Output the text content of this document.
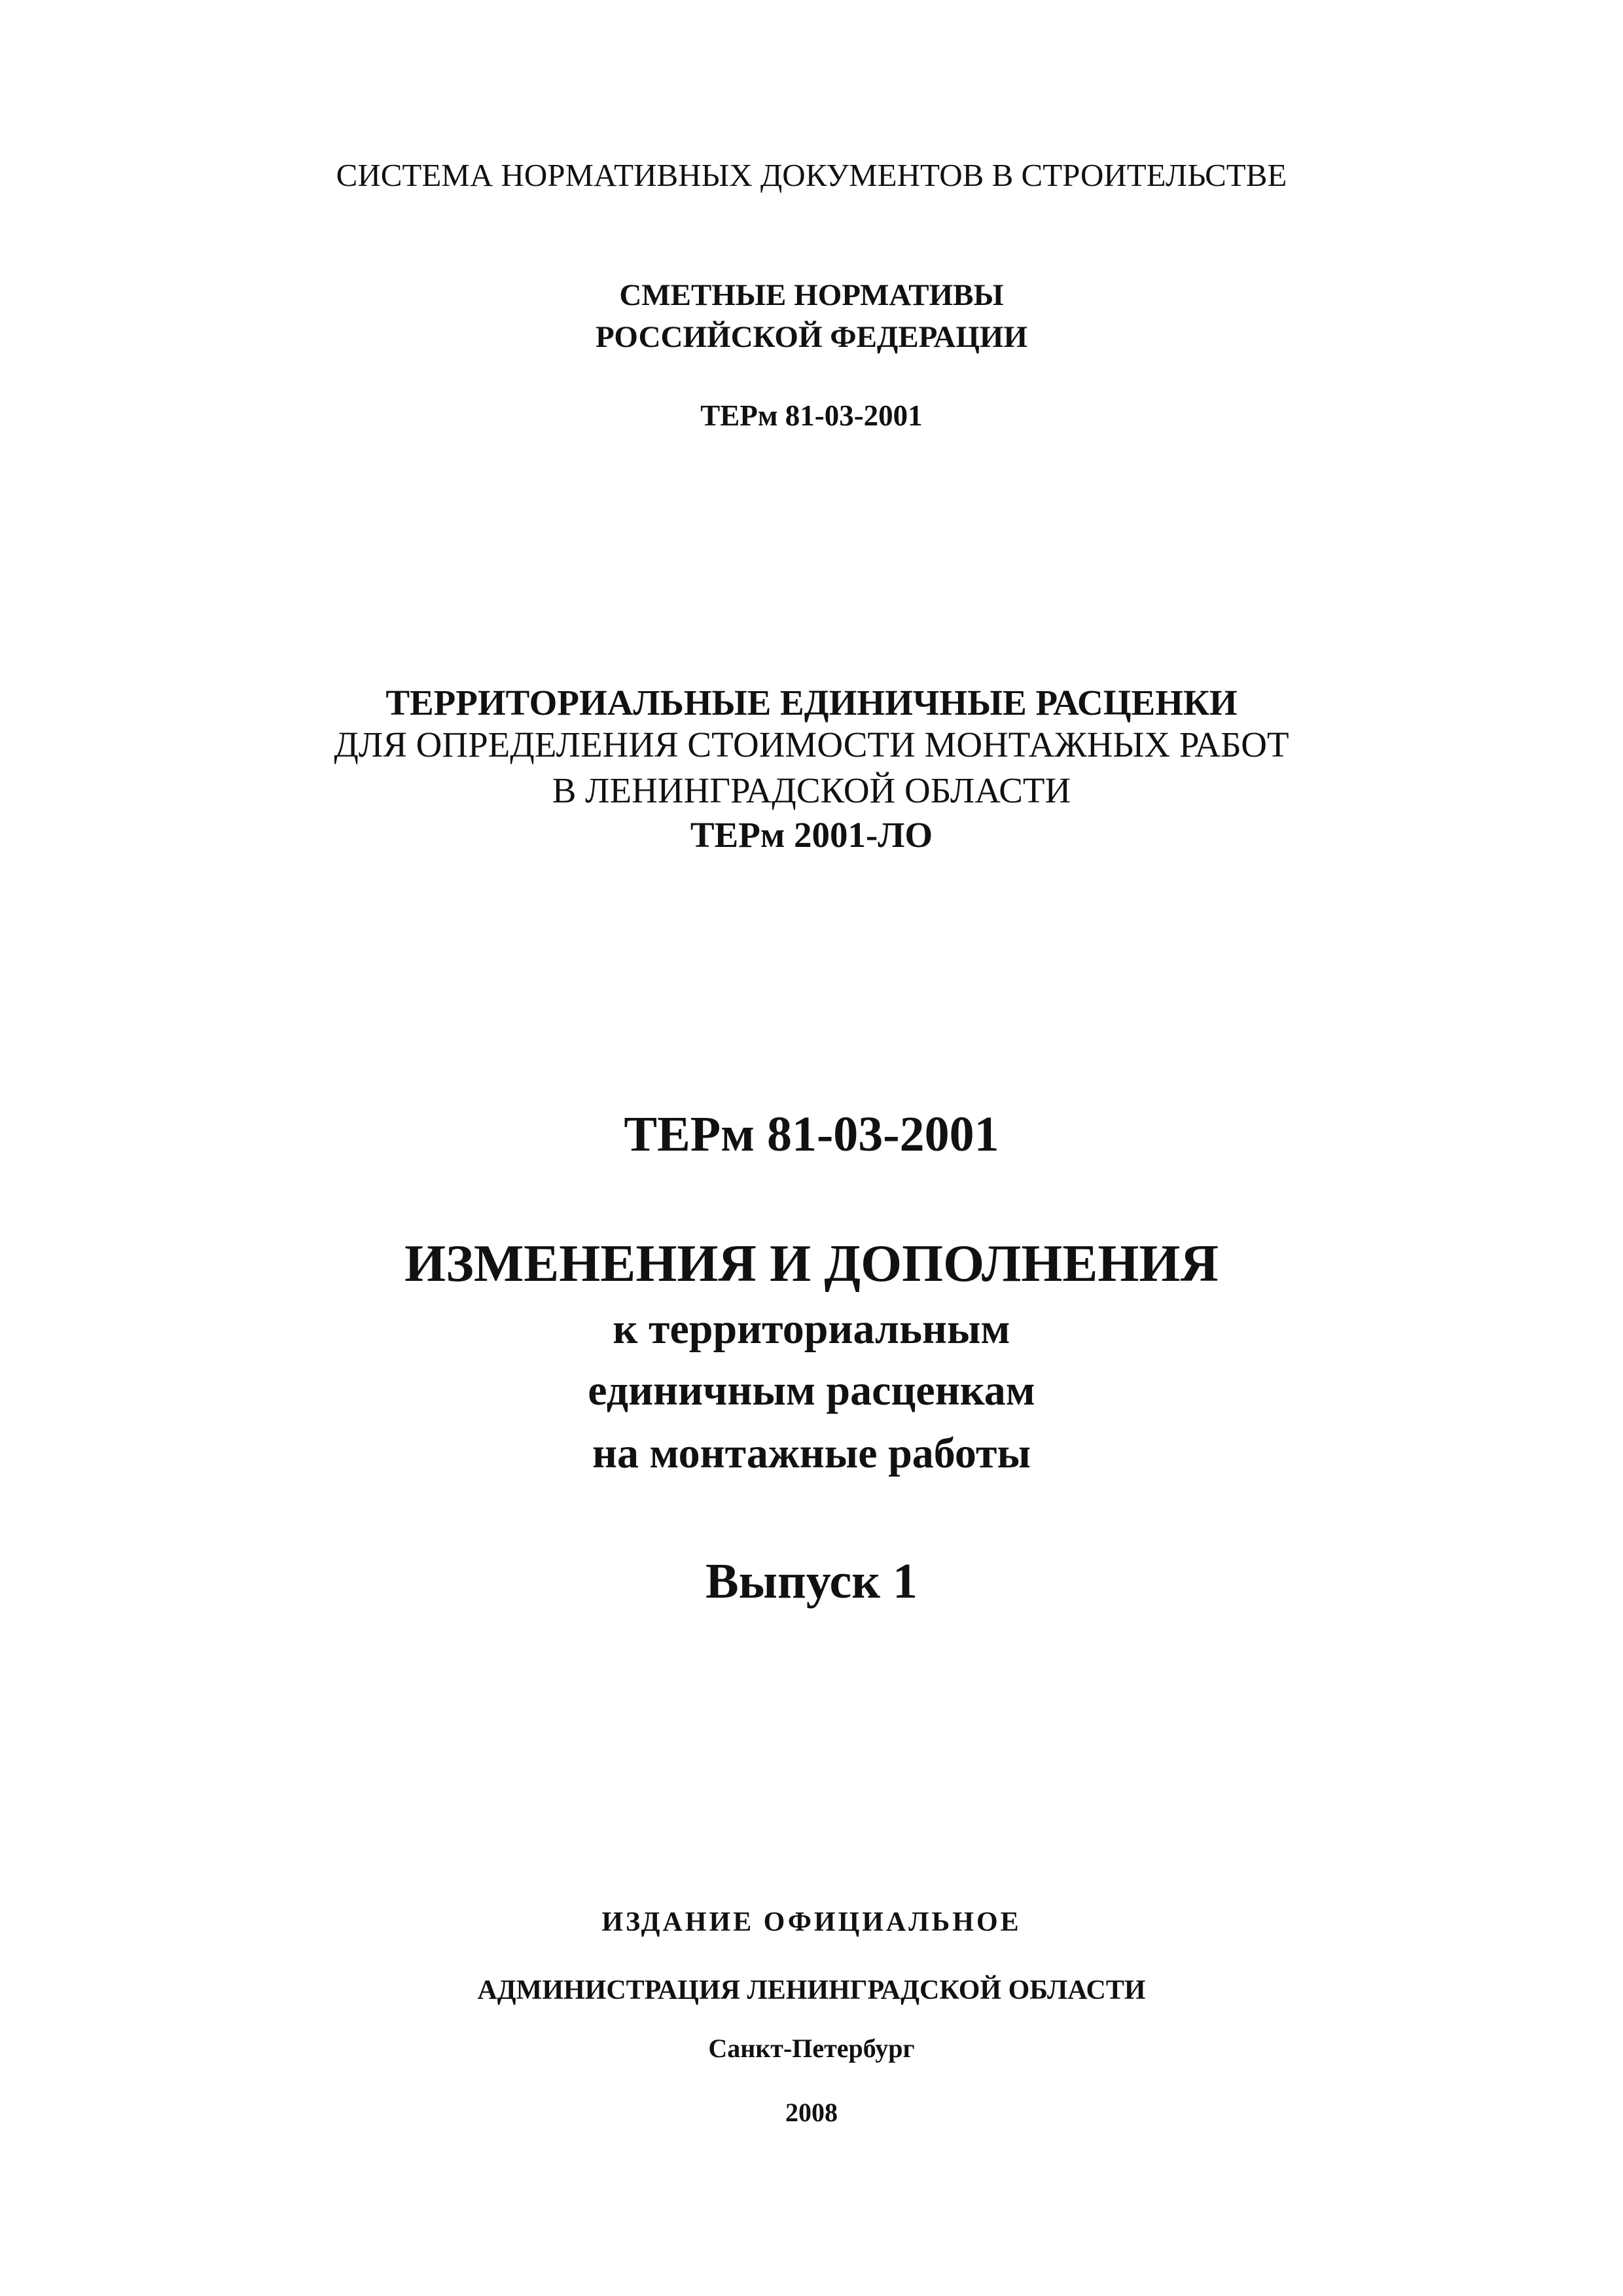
СИСТЕМА НОРМАТИВНЫХ ДОКУМЕНТОВ В СТРОИТЕЛЬСТВЕ
СМЕТНЫЕ НОРМАТИВЫ
РОССИЙСКОЙ ФЕДЕРАЦИИ
ТЕРм 81-03-2001
ТЕРРИТОРИАЛЬНЫЕ ЕДИНИЧНЫЕ РАСЦЕНКИ
ДЛЯ ОПРЕДЕЛЕНИЯ СТОИМОСТИ МОНТАЖНЫХ РАБОТ
В ЛЕНИНГРАДСКОЙ ОБЛАСТИ
ТЕРм 2001-ЛО
ТЕРм 81-03-2001
ИЗМЕНЕНИЯ И ДОПОЛНЕНИЯ
к территориальным
единичным расценкам
на монтажные работы
Выпуск 1
ИЗДАНИЕ ОФИЦИАЛЬНОЕ
АДМИНИСТРАЦИЯ ЛЕНИНГРАДСКОЙ ОБЛАСТИ
Санкт-Петербург
2008
